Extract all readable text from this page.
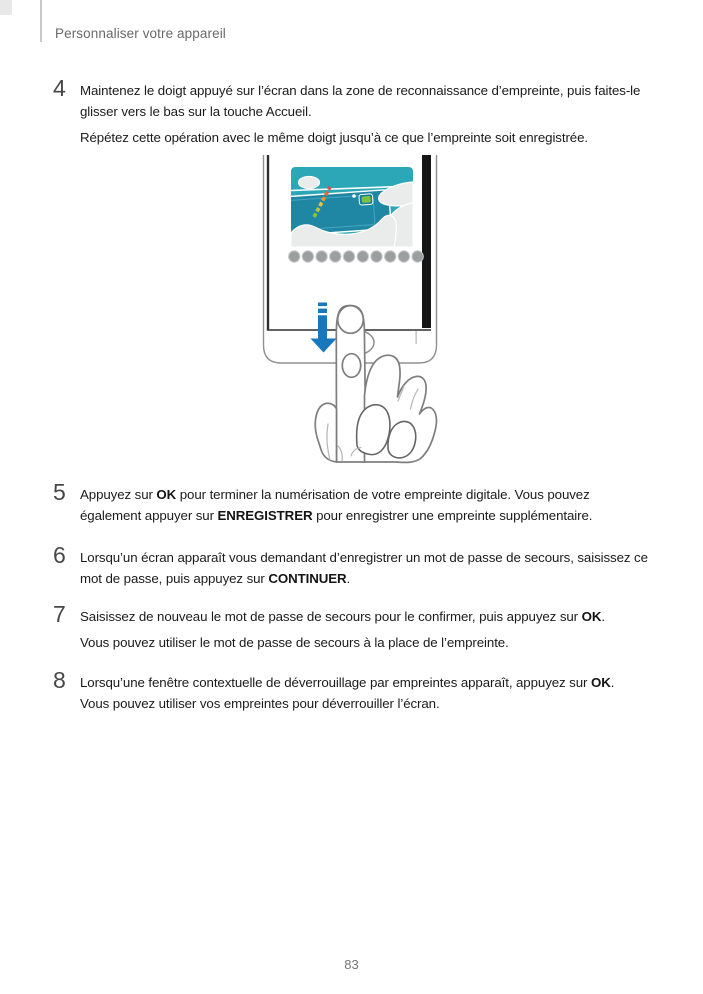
Personnaliser votre appareil
4	Maintenez le doigt appuyé sur l’écran dans la zone de reconnaissance d’empreinte, puis faites-le
glisser vers le bas sur la touche Accueil.
Répétez cette opération avec le même doigt jusqu’à ce que l’empreinte soit enregistrée.
5	Appuyez sur OK pour terminer la numérisation de votre empreinte digitale. Vous pouvez
également appuyer sur ENREGISTRER pour enregistrer une empreinte supplémentaire.
6	Lorsqu’un écran apparaît vous demandant d’enregistrer un mot de passe de secours, saisissez ce
mot de passe, puis appuyez sur CONTINUER.
7	Saisissez de nouveau le mot de passe de secours pour le confirmer, puis appuyez sur OK.
Vous pouvez utiliser le mot de passe de secours à la place de l’empreinte.
8	Lorsqu’une fenêtre contextuelle de déverrouillage par empreintes apparaît, appuyez sur OK.
Vous pouvez utiliser vos empreintes pour déverrouiller l’écran.
83
